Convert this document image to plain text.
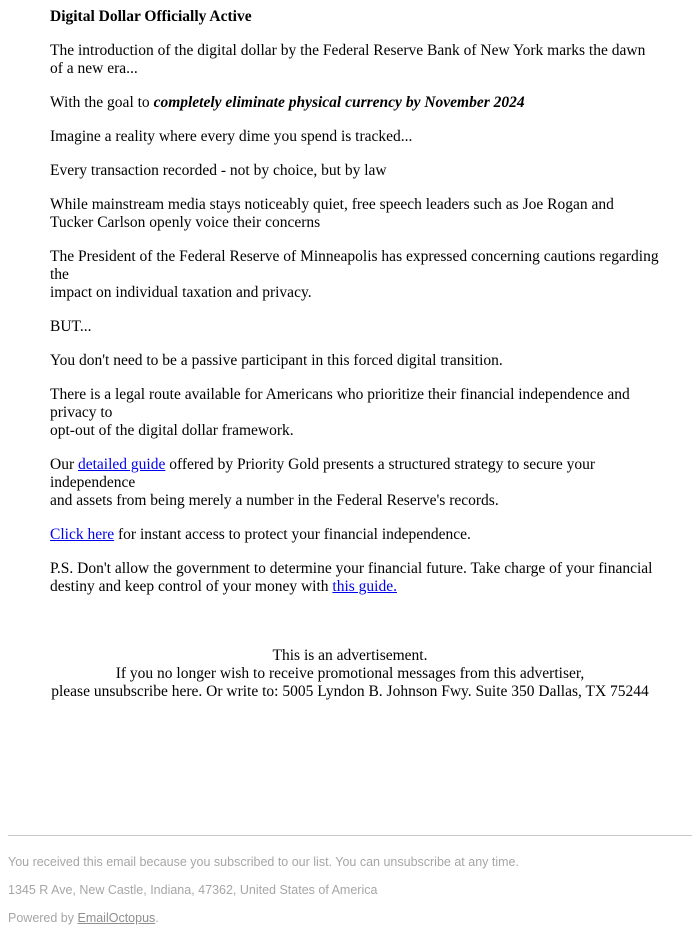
Digital Dollar Officially Active

The introduction of the digital dollar by the Federal Reserve Bank of New York marks the dawn of a new era...

With the goal to completely eliminate physical currency by November 2024

Imagine a reality where every dime you spend is tracked...

Every transaction recorded - not by choice, but by law

While mainstream media stays noticeably quiet, free speech leaders such as Joe Rogan and Tucker Carlson openly voice their concerns

The President of the Federal Reserve of Minneapolis has expressed concerning cautions regarding the
impact on individual taxation and privacy.

BUT...

You don't need to be a passive participant in this forced digital transition.

There is a legal route available for Americans who prioritize their financial independence and privacy to
opt-out of the digital dollar framework.

Our detailed guide offered by Priority Gold presents a structured strategy to secure your independence
and assets from being merely a number in the Federal Reserve's records.

Click here for instant access to protect your financial independence.

P.S. Don't allow the government to determine your financial future. Take charge of your financial destiny and keep control of your money with this guide.

This is an advertisement.
If you no longer wish to receive promotional messages from this advertiser,
please unsubscribe here. Or write to: 5005 Lyndon B. Johnson Fwy. Suite 350 Dallas, TX 75244

You received this email because you subscribed to our list. You can unsubscribe at any time.

1345 R Ave, New Castle, Indiana, 47362, United States of America

Powered by EmailOctopus.
